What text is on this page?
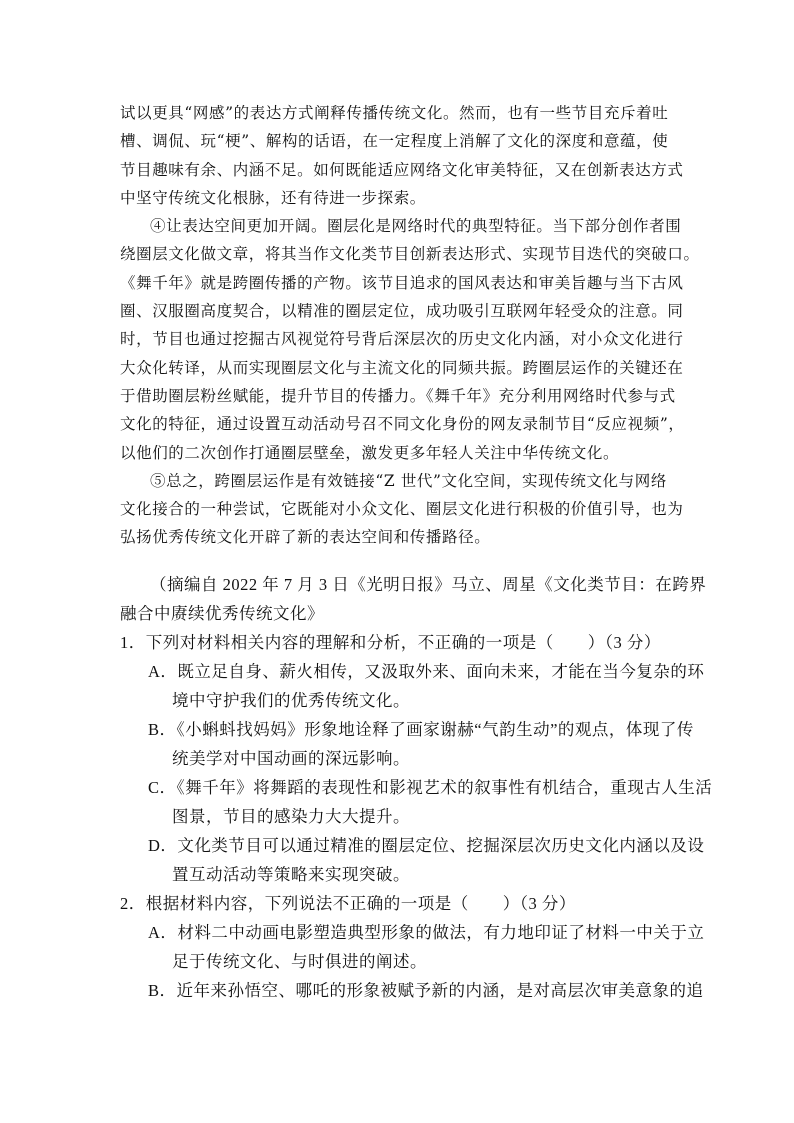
试以更具“网感”的表达方式阐释传播传统文化。然而，也有一些节目充斥着吐
槽、调侃、玩“梗”、解构的话语，在一定程度上消解了文化的深度和意蕴，使
节目趣味有余、内涵不足。如何既能适应网络文化审美特征，又在创新表达方式
中坚守传统文化根脉，还有待进一步探索。
④让表达空间更加开阔。圈层化是网络时代的典型特征。当下部分创作者围
绕圈层文化做文章，将其当作文化类节目创新表达形式、实现节目迭代的突破口。
《舞千年》就是跨圈传播的产物。该节目追求的国风表达和审美旨趣与当下古风
圈、汉服圈高度契合，以精准的圈层定位，成功吸引互联网年轻受众的注意。同
时，节目也通过挖掘古风视觉符号背后深层次的历史文化内涵，对小众文化进行
大众化转译，从而实现圈层文化与主流文化的同频共振。跨圈层运作的关键还在
于借助圈层粉丝赋能，提升节目的传播力。《舞千年》充分利用网络时代参与式
文化的特征，通过设置互动活动号召不同文化身份的网友录制节目“反应视频”，
以他们的二次创作打通圈层壁垒，激发更多年轻人关注中华传统文化。
⑤总之，跨圈层运作是有效链接“Z 世代”文化空间，实现传统文化与网络
文化接合的一种尝试，它既能对小众文化、圈层文化进行积极的价值引导，也为
弘扬优秀传统文化开辟了新的表达空间和传播路径。
（摘编自 2022 年 7 月 3 日《光明日报》马立、周星《文化类节目：在跨界
融合中赓续优秀传统文化》
1．下列对材料相关内容的理解和分析，不正确的一项是（　　）（3 分）
A．既立足自身、薪火相传，又汲取外来、面向未来，才能在当今复杂的环
境中守护我们的优秀传统文化。
B．《小蝌蚪找妈妈》形象地诠释了画家谢赫“气韵生动”的观点，体现了传
统美学对中国动画的深远影响。
C．《舞千年》将舞蹈的表现性和影视艺术的叙事性有机结合，重现古人生活
图景，节目的感染力大大提升。
D．文化类节目可以通过精准的圈层定位、挖掘深层次历史文化内涵以及设
置互动活动等策略来实现突破。
2．根据材料内容，下列说法不正确的一项是（　　）（3 分）
A．材料二中动画电影塑造典型形象的做法，有力地印证了材料一中关于立
足于传统文化、与时俱进的阐述。
B．近年来孙悟空、哪吒的形象被赋予新的内涵，是对高层次审美意象的追
